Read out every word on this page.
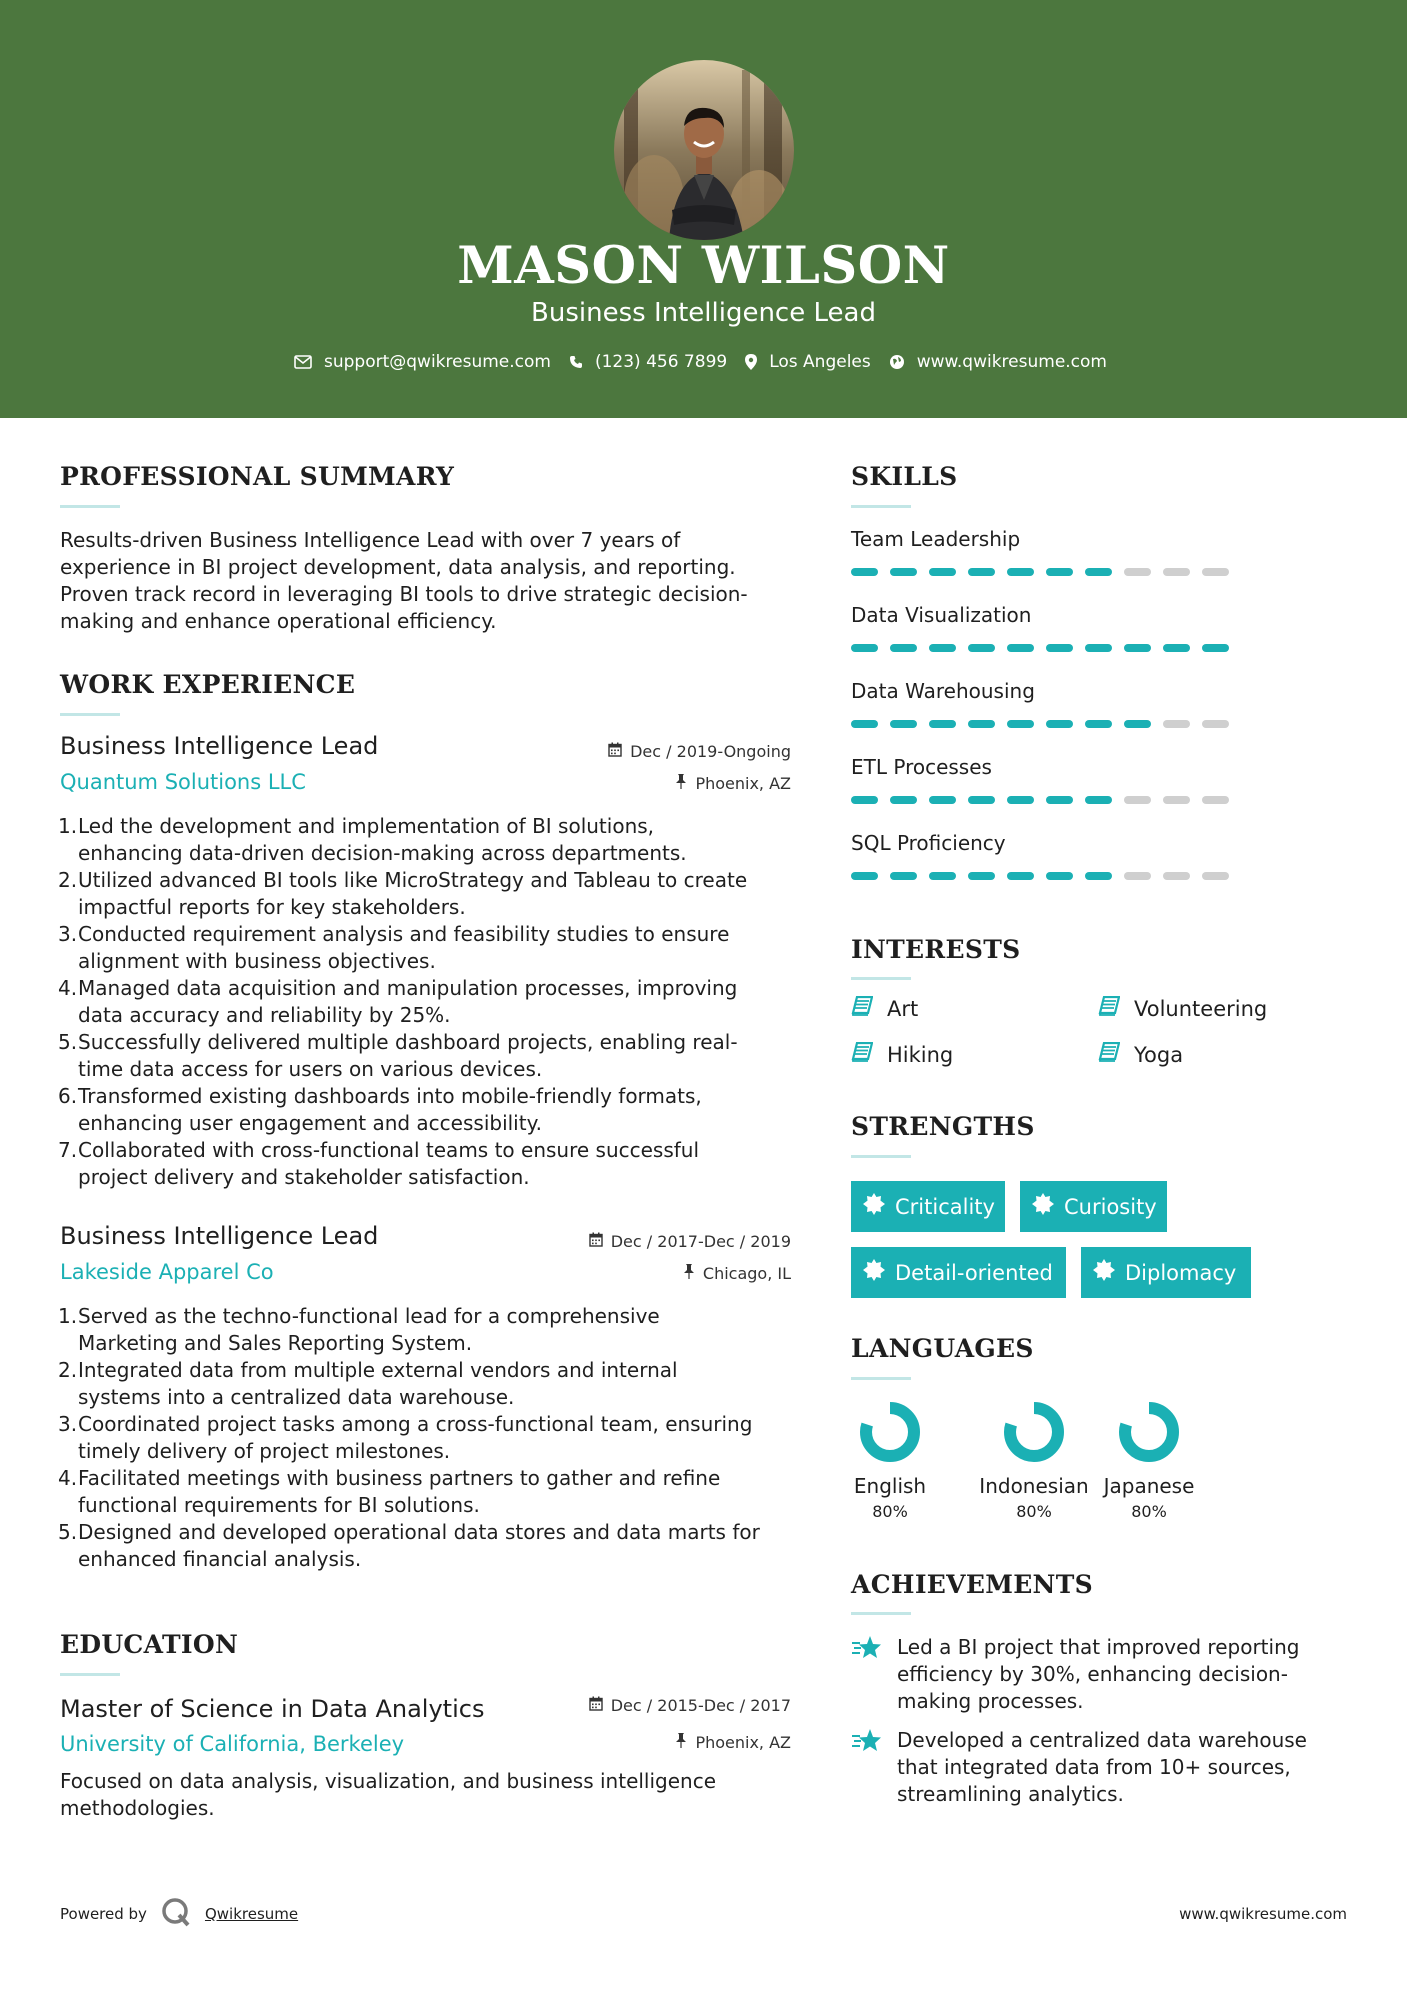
MASON WILSON
Business Intelligence Lead
support@qwikresume.com	(123) 456 7899 Los Angeles	www.qwikresume.com
PROFESSIONAL SUMMARY
Results-driven Business Intelligence Lead with over 7 years of experience in BI project development, data analysis, and reporting. Proven track record in leveraging BI tools to drive strategic decision-making and enhance operational efficiency.
WORK EXPERIENCE
Business Intelligence Lead	Dec / 2019-Ongoing
Quantum Solutions LLC	Phoenix, AZ
1. Led the development and implementation of BI solutions,
enhancing data-driven decision-making across departments.
2. Utilized advanced BI tools like MicroStrategy and Tableau to create
impactful reports for key stakeholders.
3. Conducted requirement analysis and feasibility studies to ensure
alignment with business objectives.
4. Managed data acquisition and manipulation processes, improving
data accuracy and reliability by 25%.
5. Successfully delivered multiple dashboard projects, enabling real-
time data access for users on various devices.
6. Transformed existing dashboards into mobile-friendly formats,
enhancing user engagement and accessibility.
7. Collaborated with cross-functional teams to ensure successful
project delivery and stakeholder satisfaction.
Business Intelligence Lead	Dec / 2017-Dec / 2019
Lakeside Apparel Co	Chicago, IL
1. Served as the techno-functional lead for a comprehensive
Marketing and Sales Reporting System.
2. Integrated data from multiple external vendors and internal
systems into a centralized data warehouse.
3. Coordinated project tasks among a cross-functional team, ensuring
timely delivery of project milestones.
4. Facilitated meetings with business partners to gather and refine
functional requirements for BI solutions.
5. Designed and developed operational data stores and data marts for
enhanced financial analysis.
EDUCATION
Master of Science in Data Analytics	Dec / 2015-Dec / 2017
University of California, Berkeley	Phoenix, AZ
Focused on data analysis, visualization, and business intelligence methodologies.
SKILLS
Team Leadership
Data Visualization
Data Warehousing
ETL Processes
SQL Proficiency
INTERESTS
Art	Volunteering
Hiking	Yoga
STRENGTHS
Criticality	Curiosity
Detail-oriented	Diplomacy
LANGUAGES
English
80%
Indonesian
80%
Japanese
80%
ACHIEVEMENTS
Led a BI project that improved reporting efficiency by 30%, enhancing decision-making processes.
Developed a centralized data warehouse that integrated data from 10+ sources, streamlining analytics.
Powered by	Qwikresume	www.qwikresume.com
